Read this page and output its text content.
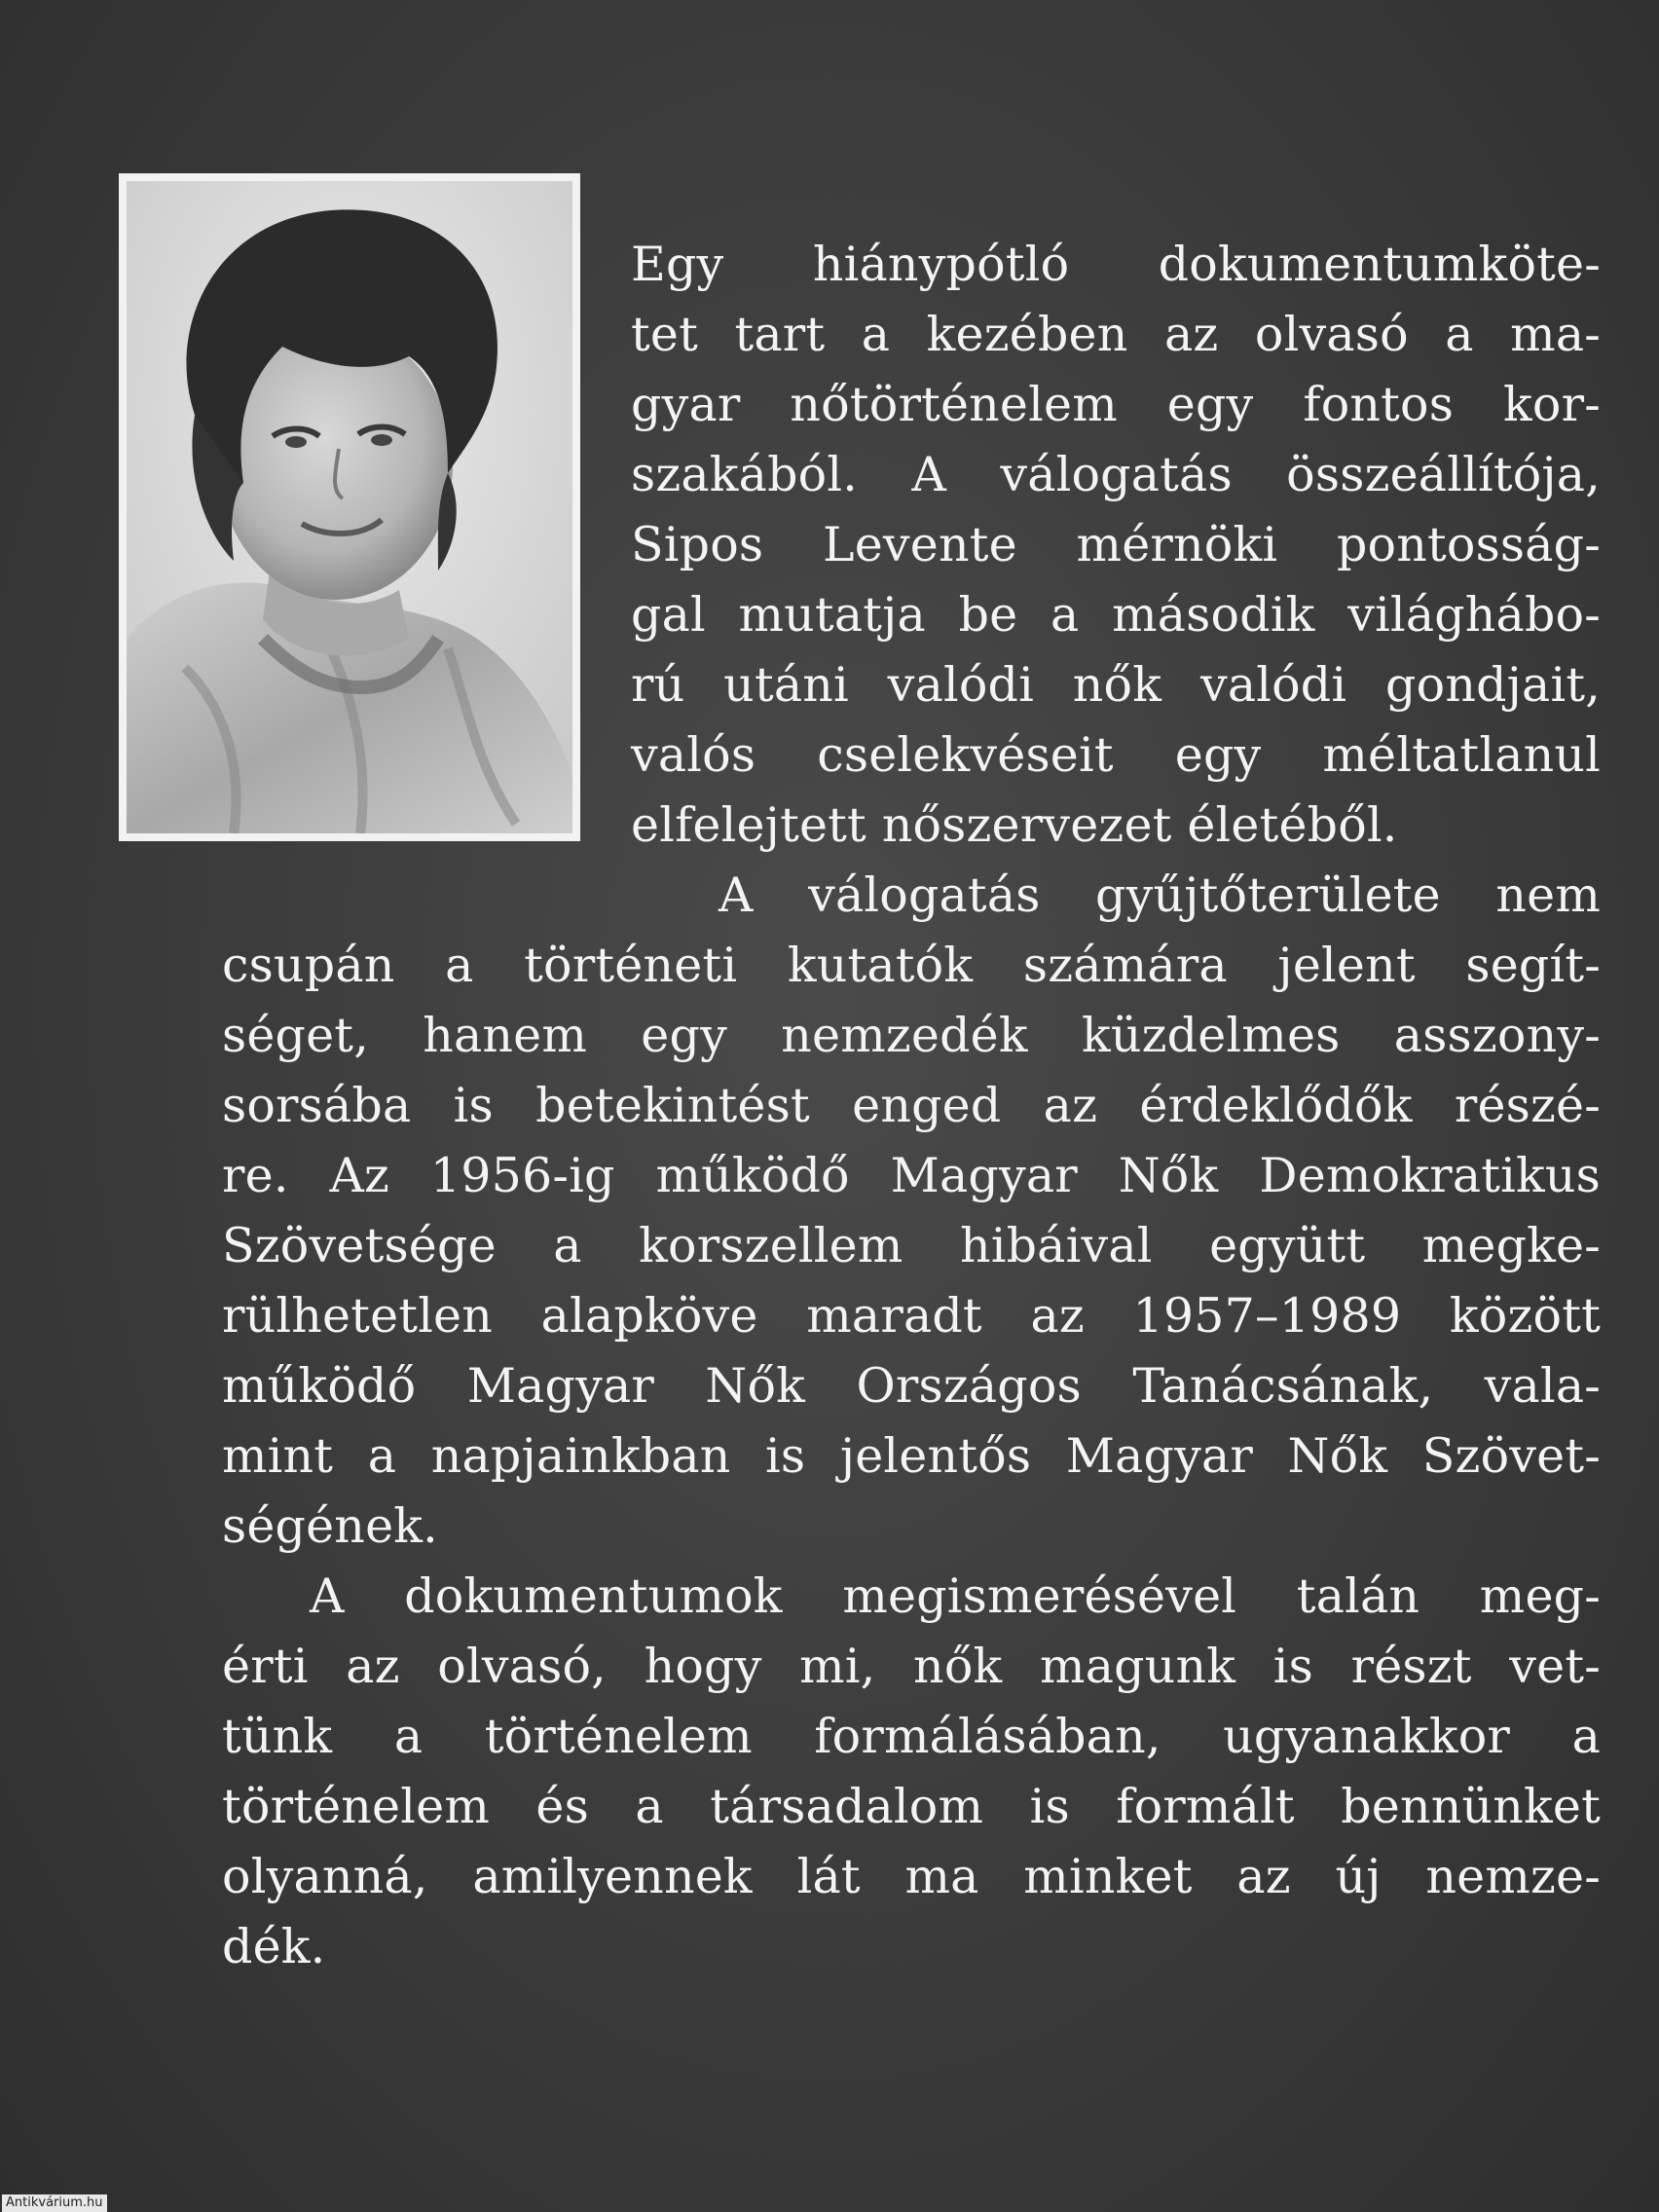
Egy hiánypótló dokumentumköte-

tet tart a kezében az olvasó a ma-

gyar nőtörténelem egy fontos kor-

szakából. A válogatás összeállítója,

Sipos Levente mérnöki pontosság-

gal mutatja be a második világhábo-

rú utáni valódi nők valódi gondjait,

valós cselekvéseit egy méltatlanul

elfelejtett nőszervezet életéből.

A válogatás gyűjtőterülete nem

csupán a történeti kutatók számára jelent segít-

séget, hanem egy nemzedék küzdelmes asszony-

sorsába is betekintést enged az érdeklődők részé-

re. Az 1956-ig működő Magyar Nők Demokratikus

Szövetsége a korszellem hibáival együtt megke-

rülhetetlen alapköve maradt az 1957–1989 között

működő Magyar Nők Országos Tanácsának, vala-

mint a napjainkban is jelentős Magyar Nők Szövet-

ségének.

A dokumentumok megismerésével talán meg-

érti az olvasó, hogy mi, nők magunk is részt vet-

tünk a történelem formálásában, ugyanakkor a

történelem és a társadalom is formált bennünket

olyanná, amilyennek lát ma minket az új nemze-

dék.

Antikvárium.hu
